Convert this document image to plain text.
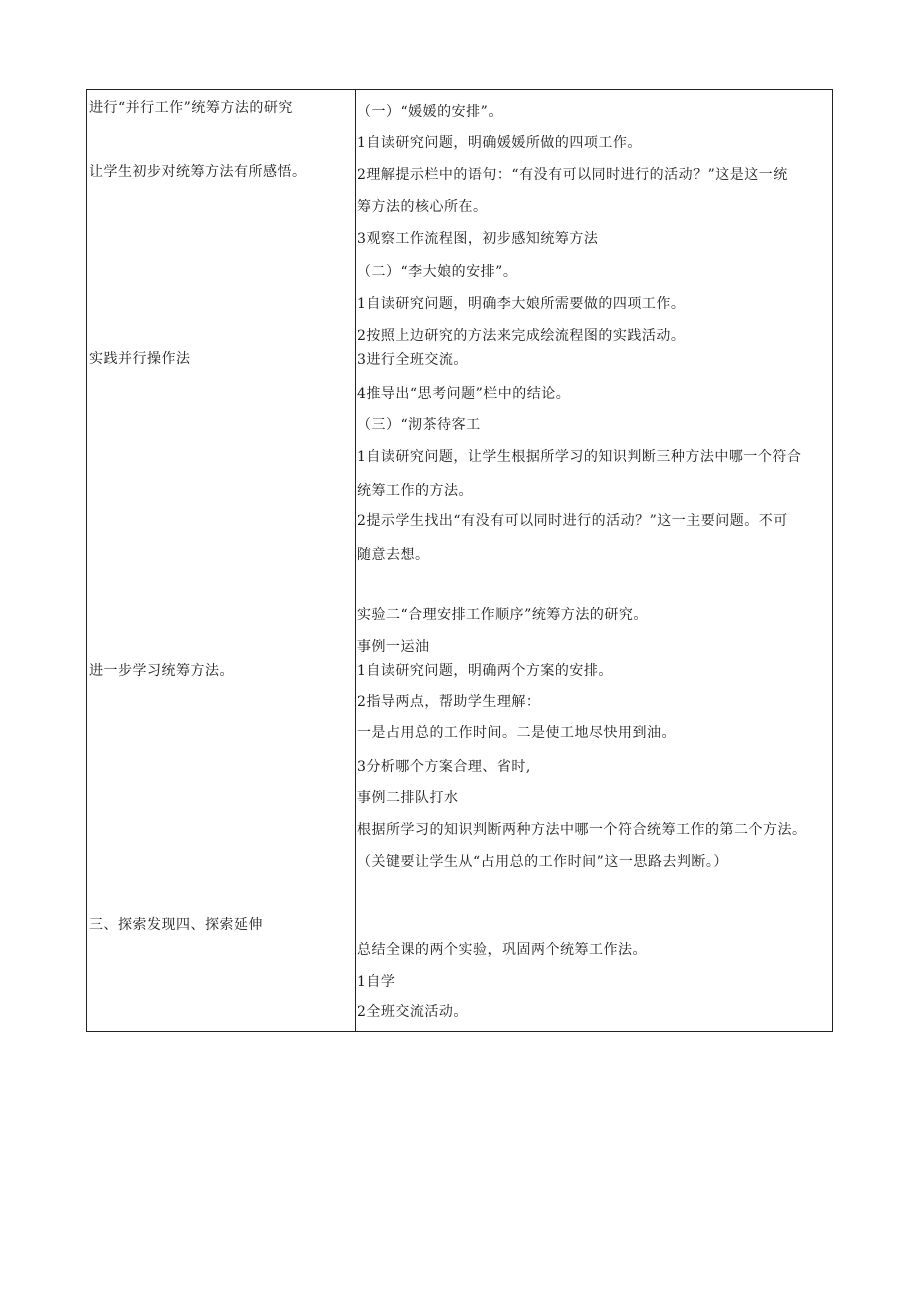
进行“并行工作”统筹方法的研究
让学生初步对统筹方法有所感悟。
实践并行操作法
进一步学习统筹方法。
三、探索发现四、探索延伸
（一）“媛媛的安排”。
1自读研究问题，明确媛媛所做的四项工作。
2理解提示栏中的语句：“有没有可以同时进行的活动？”这是这一统
筹方法的核心所在。
3观察工作流程图，初步感知统筹方法
（二）“李大娘的安排”。
1自读研究问题，明确李大娘所需要做的四项工作。
2按照上边研究的方法来完成绘流程图的实践活动。
3进行全班交流。
4推导出“思考问题”栏中的结论。
（三）“沏茶待客工
1自读研究问题，让学生根据所学习的知识判断三种方法中哪一个符合
统筹工作的方法。
2提示学生找出“有没有可以同时进行的活动？”这一主要问题。不可
随意去想。
实验二“合理安排工作顺序”统筹方法的研究。
事例一运油
1自读研究问题，明确两个方案的安排。
2指导两点，帮助学生理解：
一是占用总的工作时间。二是使工地尽快用到油。
3分析哪个方案合理、省时,
事例二排队打水
根据所学习的知识判断两种方法中哪一个符合统筹工作的第二个方法。
（关键要让学生从“占用总的工作时间”这一思路去判断。）
总结全课的两个实验，巩固两个统筹工作法。
1自学
2全班交流活动。
